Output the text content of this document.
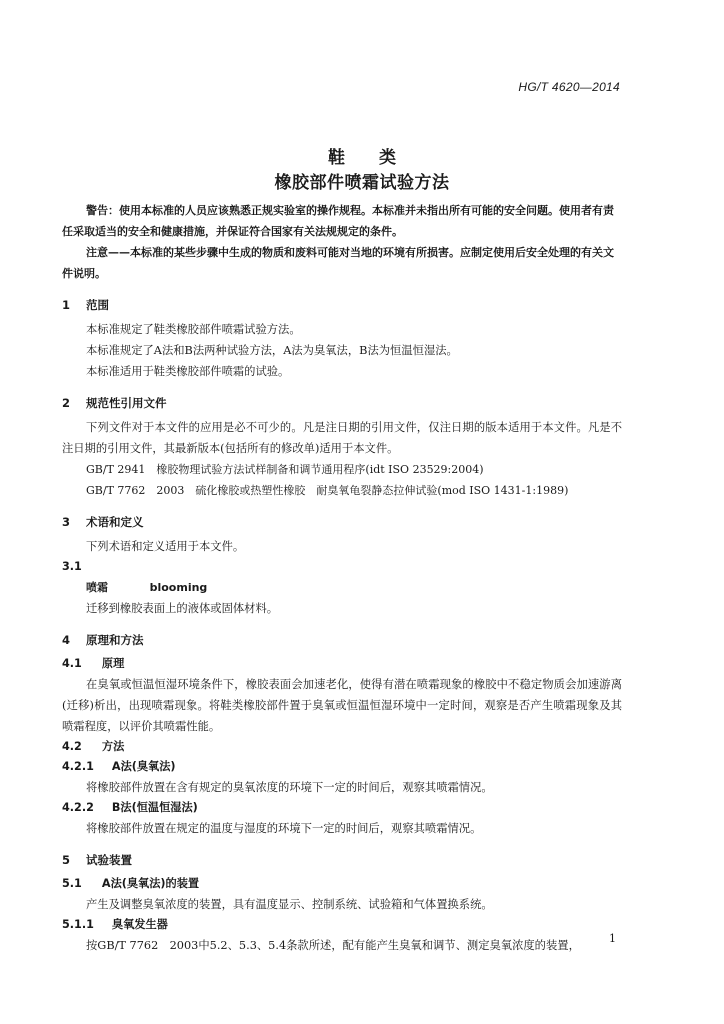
HG/T 4620—2014
鞋 类
橡胶部件喷霜试验方法

警告：使用本标准的人员应该熟悉正规实验室的操作规程。本标准并未指出所有可能的安全问题。使用者有责任采取适当的安全和健康措施，并保证符合国家有关法规规定的条件。

注意——本标准的某些步骤中生成的物质和废料可能对当地的环境有所损害。应制定使用后安全处理的有关文件说明。

1 范围

本标准规定了鞋类橡胶部件喷霜试验方法。

本标准规定了A法和B法两种试验方法，A法为臭氧法，B法为恒温恒湿法。

本标准适用于鞋类橡胶部件喷霜的试验。

2 规范性引用文件

下列文件对于本文件的应用是必不可少的。凡是注日期的引用文件，仅注日期的版本适用于本文件。凡是不注日期的引用文件，其最新版本(包括所有的修改单)适用于本文件。

GB/T 2941　橡胶物理试验方法试样制备和调节通用程序(idt ISO 23529:2004)

GB/T 7762　2003　硫化橡胶或热塑性橡胶　耐臭氧龟裂静态拉伸试验(mod ISO 1431-1:1989)

3 术语和定义

下列术语和定义适用于本文件。

3.1
喷霜	blooming

迁移到橡胶表面上的液体或固体材料。

4 原理和方法
4.1 原理

在臭氧或恒温恒湿环境条件下，橡胶表面会加速老化，使得有潜在喷霜现象的橡胶中不稳定物质会加速游离(迁移)析出，出现喷霜现象。将鞋类橡胶部件置于臭氧或恒温恒湿环境中一定时间，观察是否产生喷霜现象及其喷霜程度，以评价其喷霜性能。

4.2 方法
4.2.1 A法(臭氧法)

将橡胶部件放置在含有规定的臭氧浓度的环境下一定的时间后，观察其喷霜情况。

4.2.2 B法(恒温恒湿法)

将橡胶部件放置在规定的温度与湿度的环境下一定的时间后，观察其喷霜情况。

5 试验装置
5.1 A法(臭氧法)的装置

产生及调整臭氧浓度的装置，具有温度显示、控制系统、试验箱和气体置换系统。

5.1.1 臭氧发生器

按GB/T 7762　2003中5.2、5.3、5.4条款所述，配有能产生臭氧和调节、测定臭氧浓度的装置，

1
